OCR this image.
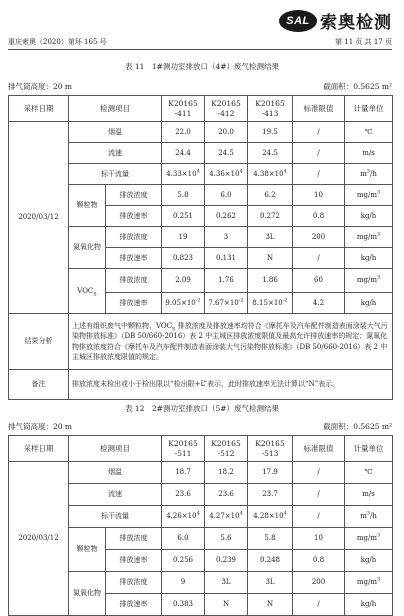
SAL 索奥检测
重庆索奥（2020）第环 165 号	第 11 页 共 17 页
表 11　1#测功室排放口（4#）废气检测结果
排气筒高度：20 m	截面积：0.5625 m²
采样日期	检测项目		K20165 -411	K20165 -412	K20165 -413	标准限值	计量单位
2020/03/12	烟温		22.0	20.0	19.5	/	℃
	流速		24.4	24.5	24.5	/	m/s
	标干流量		$4.33\times 10^4$	$4.36\times 10^4$	$4.38\times 10^4$	/	$m^3/h$
	颗粒物	排放浓度	5.8	6.0	6.2	10	$mg/m^3$
		排放速率	0.251	0.262	0.272	0.8	kg/h
	氮氧化物	排放浓度	19	3	3L	200	$mg/m^3$
		排放速率	0.823	0.131	N	/	kg/h
	$VOC_S$	排放浓度	2.09	1.76	1.86	60	$mg/m^3$
		排放速率	$9.05\times 10^{-2}$	$7.67\times 10^{-2}$	$8.15\times 10^{-2}$	4.2	kg/h
结果分析	上述有组织废气中颗粒物、$VOC_S$ 排放浓度及排放速率均符合《摩托车及汽车配件制造表面涂装大气污染物排放标准》（DB 50/660-2016）表 2 中主城区排放浓度限值及最高允许排放速率的规定；氮氧化物排放浓度符合《摩托车及汽车配件制造表面涂装大气污染物排放标准》（DB 50/660-2016）表 2 中主城区排放浓度限值的规定。						
备注	排放浓度未检出或小于检出限以“检出限+L”表示，此时排放速率无法计算以“N”表示。						
表 12　2#测功室排放口（5#）废气检测结果
排气筒高度：20 m	截面积：0.5625 m²
采样日期	检测项目		K20165 -511	K20165 -512	K20165 -513	标准限值	计量单位
2020/03/12	烟温		18.7	18.2	17.9	/	℃
	流速		23.6	23.6	23.7	/	m/s
	标干流量		$4.26\times 10^4$	$4.27\times 10^4$	$4.28\times 10^4$	/	$m^3/h$
	颗粒物	排放浓度	6.0	5.6	5.8	10	$mg/m^3$
		排放速率	0.256	0.239	0.248	0.8	kg/h
	氮氧化物	排放浓度	9	3L	3L	200	$mg/m^3$
		排放速率	0.383	N	N	/	kg/h
